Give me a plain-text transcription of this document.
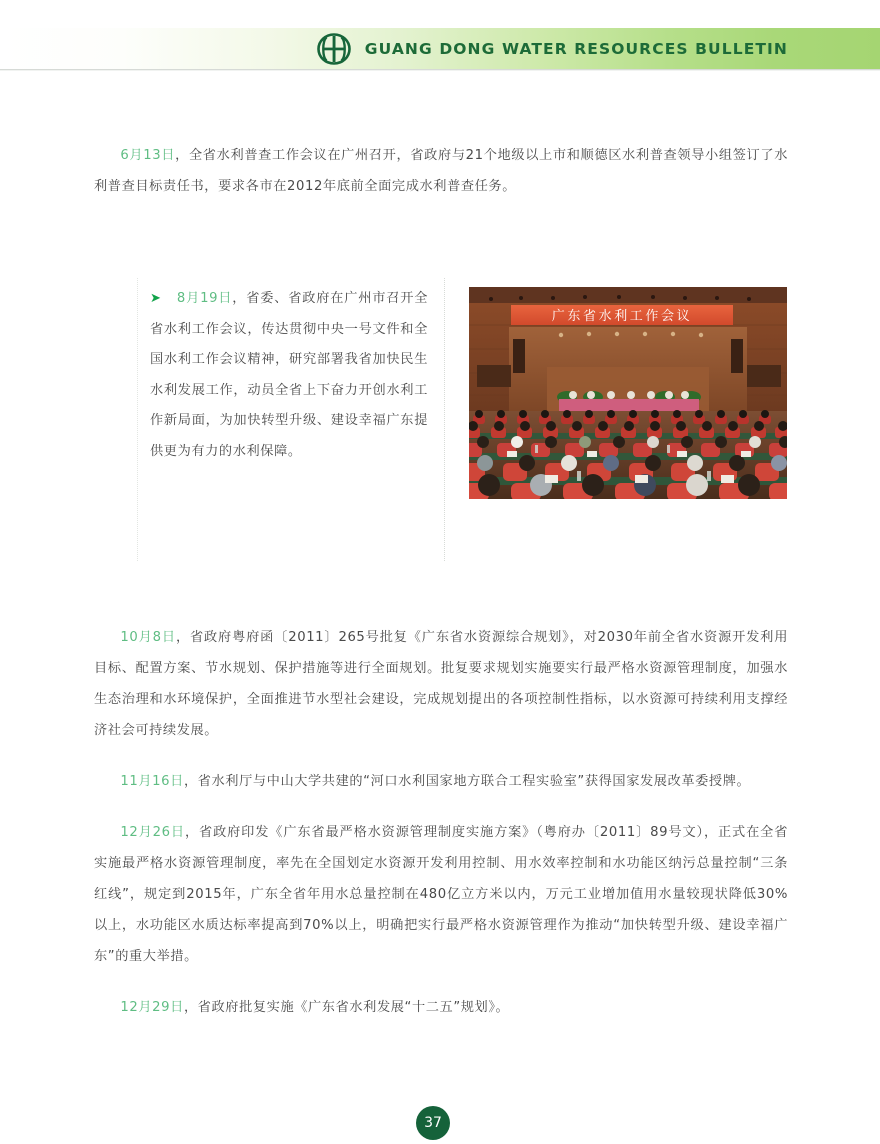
GUANG DONG WATER RESOURCES BULLETIN

6月13日，全省水利普查工作会议在广州召开，省政府与21个地级以上市和顺德区水利普查领导小组签订了水利普查目标责任书，要求各市在2012年底前全面完成水利普查任务。

10月8日，省政府粤府函〔2011〕265号批复《广东省水资源综合规划》，对2030年前全省水资源开发利用目标、配置方案、节水规划、保护措施等进行全面规划。批复要求规划实施要实行最严格水资源管理制度，加强水生态治理和水环境保护，全面推进节水型社会建设，完成规划提出的各项控制性指标，以水资源可持续利用支撑经济社会可持续发展。

11月16日，省水利厅与中山大学共建的“河口水利国家地方联合工程实验室”获得国家发展改革委授牌。

12月26日，省政府印发《广东省最严格水资源管理制度实施方案》（粤府办〔2011〕89号文），正式在全省实施最严格水资源管理制度，率先在全国划定水资源开发利用控制、用水效率控制和水功能区纳污总量控制“三条红线”，规定到2015年，广东全省年用水总量控制在480亿立方米以内，万元工业增加值用水量较现状降低30%以上，水功能区水质达标率提高到70%以上，明确把实行最严格水资源管理作为推动“加快转型升级、建设幸福广东”的重大举措。

12月29日，省政府批复实施《广东省水利发展“十二五”规划》。

➤ 8月19日，省委、省政府在广州市召开全省水利工作会议，传达贯彻中央一号文件和全国水利工作会议精神，研究部署我省加快民生水利发展工作，动员全省上下奋力开创水利工作新局面，为加快转型升级、建设幸福广东提供更为有力的水利保障。

广东省水利工作会议
37
